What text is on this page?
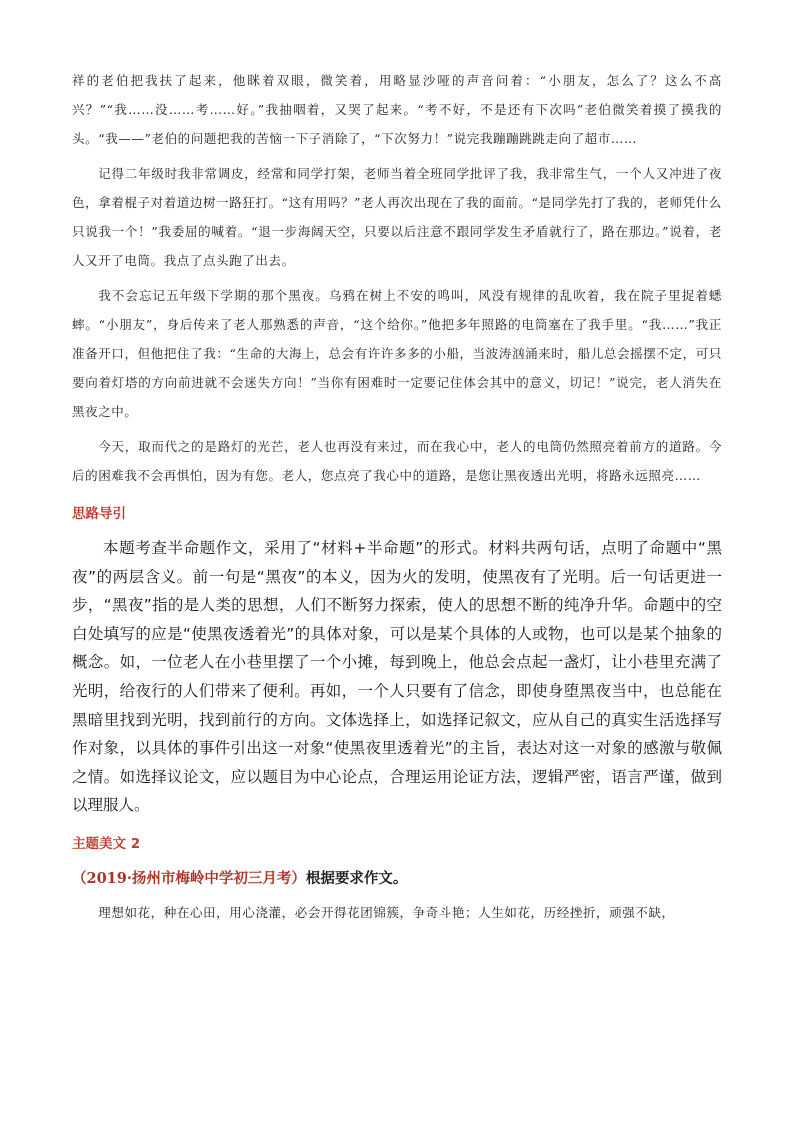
祥的老伯把我扶了起来，他眯着双眼，微笑着，用略显沙哑的声音问着：“小朋友，怎么了？这么不高兴？”“我……没……考……好。”我抽咽着，又哭了起来。“考不好，不是还有下次吗”老伯微笑着摸了摸我的头。“我——”老伯的问题把我的苦恼一下子消除了，“下次努力！”说完我蹦蹦跳跳走向了超市……

记得二年级时我非常调皮，经常和同学打架，老师当着全班同学批评了我，我非常生气，一个人又冲进了夜色，拿着棍子对着道边树一路狂打。“这有用吗？”老人再次出现在了我的面前。“是同学先打了我的，老师凭什么只说我一个！”我委屈的喊着。“退一步海阔天空，只要以后注意不跟同学发生矛盾就行了，路在那边。”说着，老人又开了电筒。我点了点头跑了出去。

我不会忘记五年级下学期的那个黑夜。乌鸦在树上不安的鸣叫，风没有规律的乱吹着，我在院子里捉着蟋蟀。“小朋友”，身后传来了老人那熟悉的声音，“这个给你。”他把多年照路的电筒塞在了我手里。“我……”我正准备开口，但他把住了我：“生命的大海上，总会有许许多多的小船，当波涛汹涌来时，船儿总会摇摆不定，可只要向着灯塔的方向前进就不会迷失方向！”当你有困难时一定要记住体会其中的意义，切记！”说完，老人消失在黑夜之中。

今天，取而代之的是路灯的光芒，老人也再没有来过，而在我心中，老人的电筒仍然照亮着前方的道路。今后的困难我不会再惧怕，因为有您。老人，您点亮了我心中的道路，是您让黑夜透出光明，将路永远照亮……

思路导引

本题考查半命题作文，采用了“材料+半命题”的形式。材料共两句话，点明了命题中“黑夜”的两层含义。前一句是“黑夜”的本义，因为火的发明，使黑夜有了光明。后一句话更进一步，“黑夜”指的是人类的思想，人们不断努力探索，使人的思想不断的纯净升华。命题中的空白处填写的应是“使黑夜透着光”的具体对象，可以是某个具体的人或物，也可以是某个抽象的概念。如，一位老人在小巷里摆了一个小摊，每到晚上，他总会点起一盏灯，让小巷里充满了光明，给夜行的人们带来了便利。再如，一个人只要有了信念，即使身堕黑夜当中，也总能在黑暗里找到光明，找到前行的方向。文体选择上，如选择记叙文，应从自己的真实生活选择写作对象，以具体的事件引出这一对象“使黑夜里透着光”的主旨，表达对这一对象的感激与敬佩之情。如选择议论文，应以题目为中心论点，合理运用论证方法，逻辑严密，语言严谨，做到以理服人。

主题美文 2
（2019·扬州市梅岭中学初三月考）根据要求作文。

理想如花，种在心田，用心浇灌，必会开得花团锦簇，争奇斗艳；人生如花，历经挫折，顽强不缺，
